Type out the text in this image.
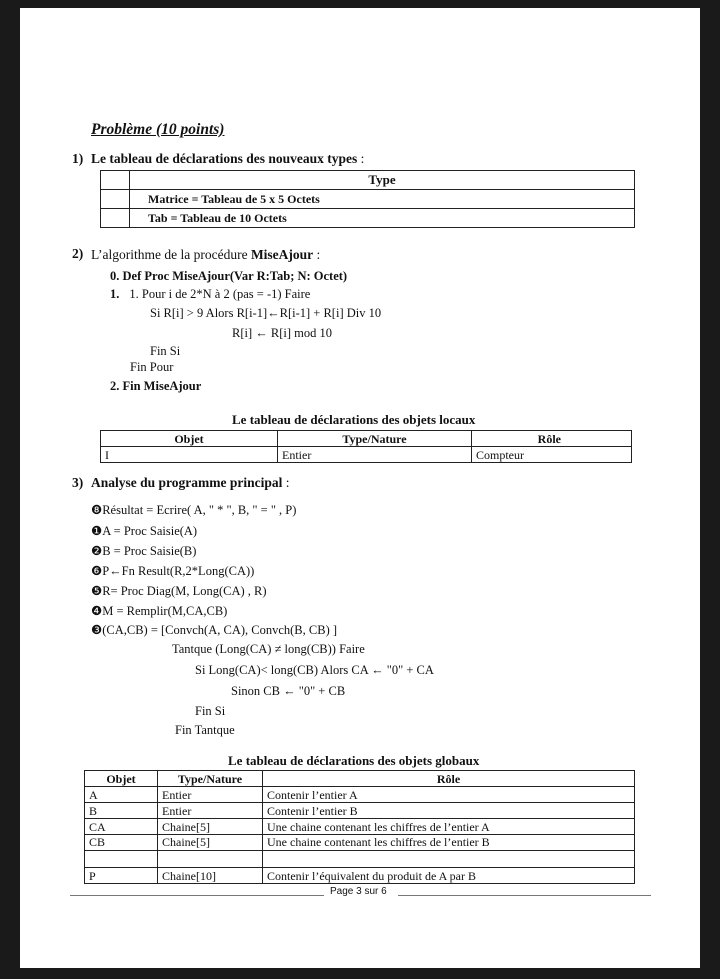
Problème (10 points)
1) Le tableau de déclarations des nouveaux types :
	Type
	Matrice = Tableau de 5 x 5 Octets
	Tab = Tableau de 10 Octets
2) L’algorithme de la procédure MiseAjour :
0. Def Proc MiseAjour(Var R:Tab; N: Octet)
1. 1. Pour i de 2*N à 2 (pas = -1) Faire
Si R[i] > 9 Alors R[i-1]←R[i-1] + R[i] Div 10
R[i] ← R[i] mod 10
Fin Si
Fin Pour
2. Fin MiseAjour
Le tableau de déclarations des objets locaux
Objet	Type/Nature	Rôle
I	Entier	Compteur
3) Analyse du programme principal :
❽Résultat = Ecrire( A, " * ", B, " = " , P)
❶A = Proc Saisie(A)
❷B = Proc Saisie(B)
❻P←Fn Result(R,2*Long(CA))
❺R= Proc Diag(M, Long(CA) , R)
❹M = Remplir(M,CA,CB)
❸(CA,CB) = [Convch(A, CA), Convch(B, CB) ]
Tantque (Long(CA) ≠ long(CB)) Faire
Si Long(CA)< long(CB) Alors CA ← "0" + CA
Sinon CB ← "0" + CB
Fin Si
Fin Tantque
Le tableau de déclarations des objets globaux
Objet	Type/Nature	Rôle
A	Entier	Contenir l’entier A
B	Entier	Contenir l’entier B
CA	Chaine[5]	Une chaine contenant les chiffres de l’entier A
CB	Chaine[5]	Une chaine contenant les chiffres de l’entier B

P	Chaine[10]	Contenir l’équivalent du produit de A par B
Page 3 sur 6
